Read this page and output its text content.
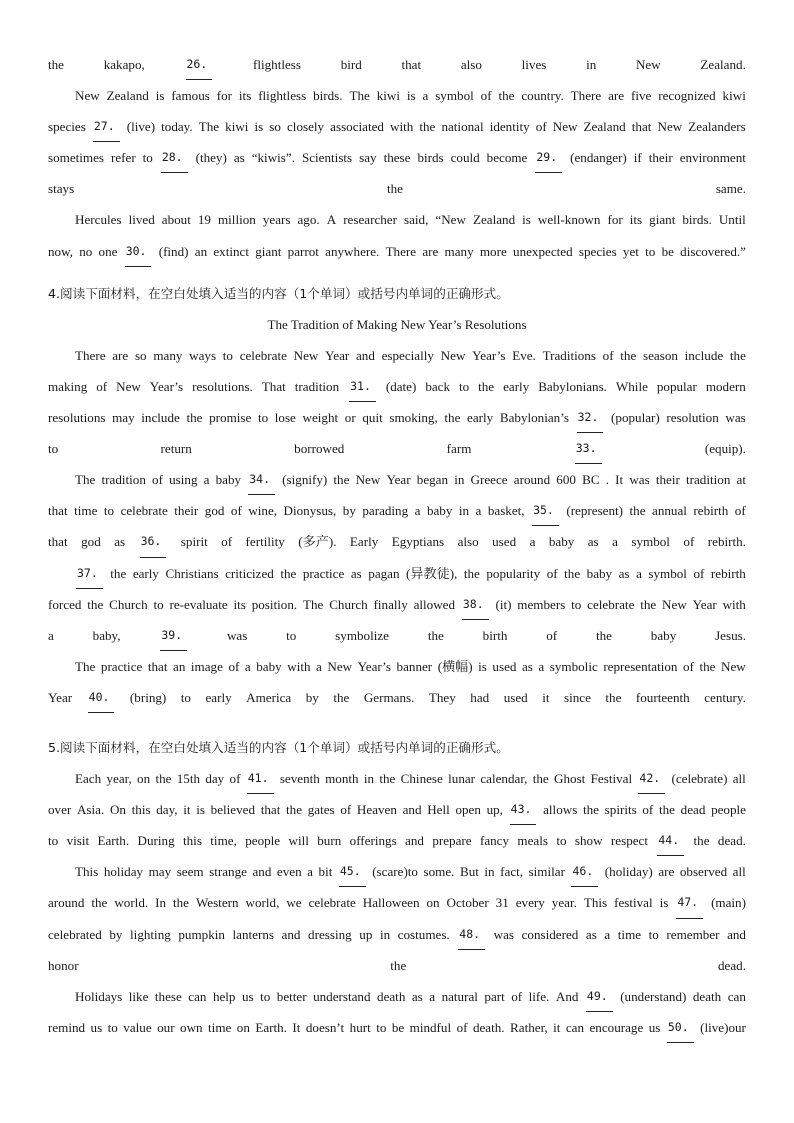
the	kakapo,	26.	flightless	bird	that	also	lives	in	New	Zealand.
New Zealand is famous for its flightless birds. The kiwi is a symbol of the country. There are five recognized kiwi
species 27. (live) today. The kiwi is so closely associated with the national identity of New Zealand that New Zealanders
sometimes refer to 28. (they) as “kiwis”. Scientists say these birds could become 29. (endanger) if their environment
stays	the	same.
Hercules lived about 19 million years ago. A researcher said, “New Zealand is well-known for its giant birds. Until
now, no one 30. (find) an extinct giant parrot anywhere. There are many more unexpected species yet to be discovered.”
4.阅读下面材料，在空白处填入适当的内容（1个单词）或括号内单词的正确形式。
The Tradition of Making New Year’s Resolutions
There are so many ways to celebrate New Year and especially New Year’s Eve. Traditions of the season include the
making of New Year’s resolutions. That tradition 31.	(date) back to the early Babylonians. While popular modern
resolutions may include the promise to lose weight or quit smoking, the early Babylonian’s 32. (popular) resolution was
to	return	borrowed	farm	33.	(equip).
The tradition of using a baby 34. (signify) the New Year began in Greece around 600 BC . It was their tradition at
that time to celebrate their god of wine, Dionysus, by parading a baby in a basket, 35. (represent) the annual rebirth of
that god as 36.	spirit of fertility (多产). Early Egyptians also used a baby as a symbol of rebirth.
37. the early Christians criticized the practice as pagan (异教徒), the popularity of the baby as a symbol of rebirth
forced the Church to re-evaluate its position. The Church finally allowed 38. (it) members to celebrate the New Year with
a	baby,	39.	was	to	symbolize	the	birth	of	the	baby	Jesus.
The practice that an image of a baby with a New Year’s banner (横幅) is used as a symbolic representation of the New
Year 40.	(bring) to early America by the Germans. They had used it since the fourteenth century.
5.阅读下面材料，在空白处填入适当的内容（1个单词）或括号内单词的正确形式。
Each year, on the 15th day of 41. seventh month in the Chinese lunar calendar, the Ghost Festival 42. (celebrate) all
over Asia. On this day, it is believed that the gates of Heaven and Hell open up, 43. allows the spirits of the dead people
to visit Earth. During this time, people will burn offerings and prepare fancy meals to show respect 44.	the dead.
This holiday may seem strange and even a bit 45. (scare)to some. But in fact, similar 46. (holiday) are observed all
around the world. In the Western world, we celebrate Halloween on October 31 every year. This festival is 47. (main)
celebrated by lighting pumpkin lanterns and dressing up in costumes. 48.	was considered as a time to remember and
honor	the	dead.
Holidays like these can help us to better understand death as a natural part of life. And 49. (understand) death can
remind us to value our own time on Earth. It doesn’t hurt to be mindful of death. Rather, it can encourage us 50. (live)our
